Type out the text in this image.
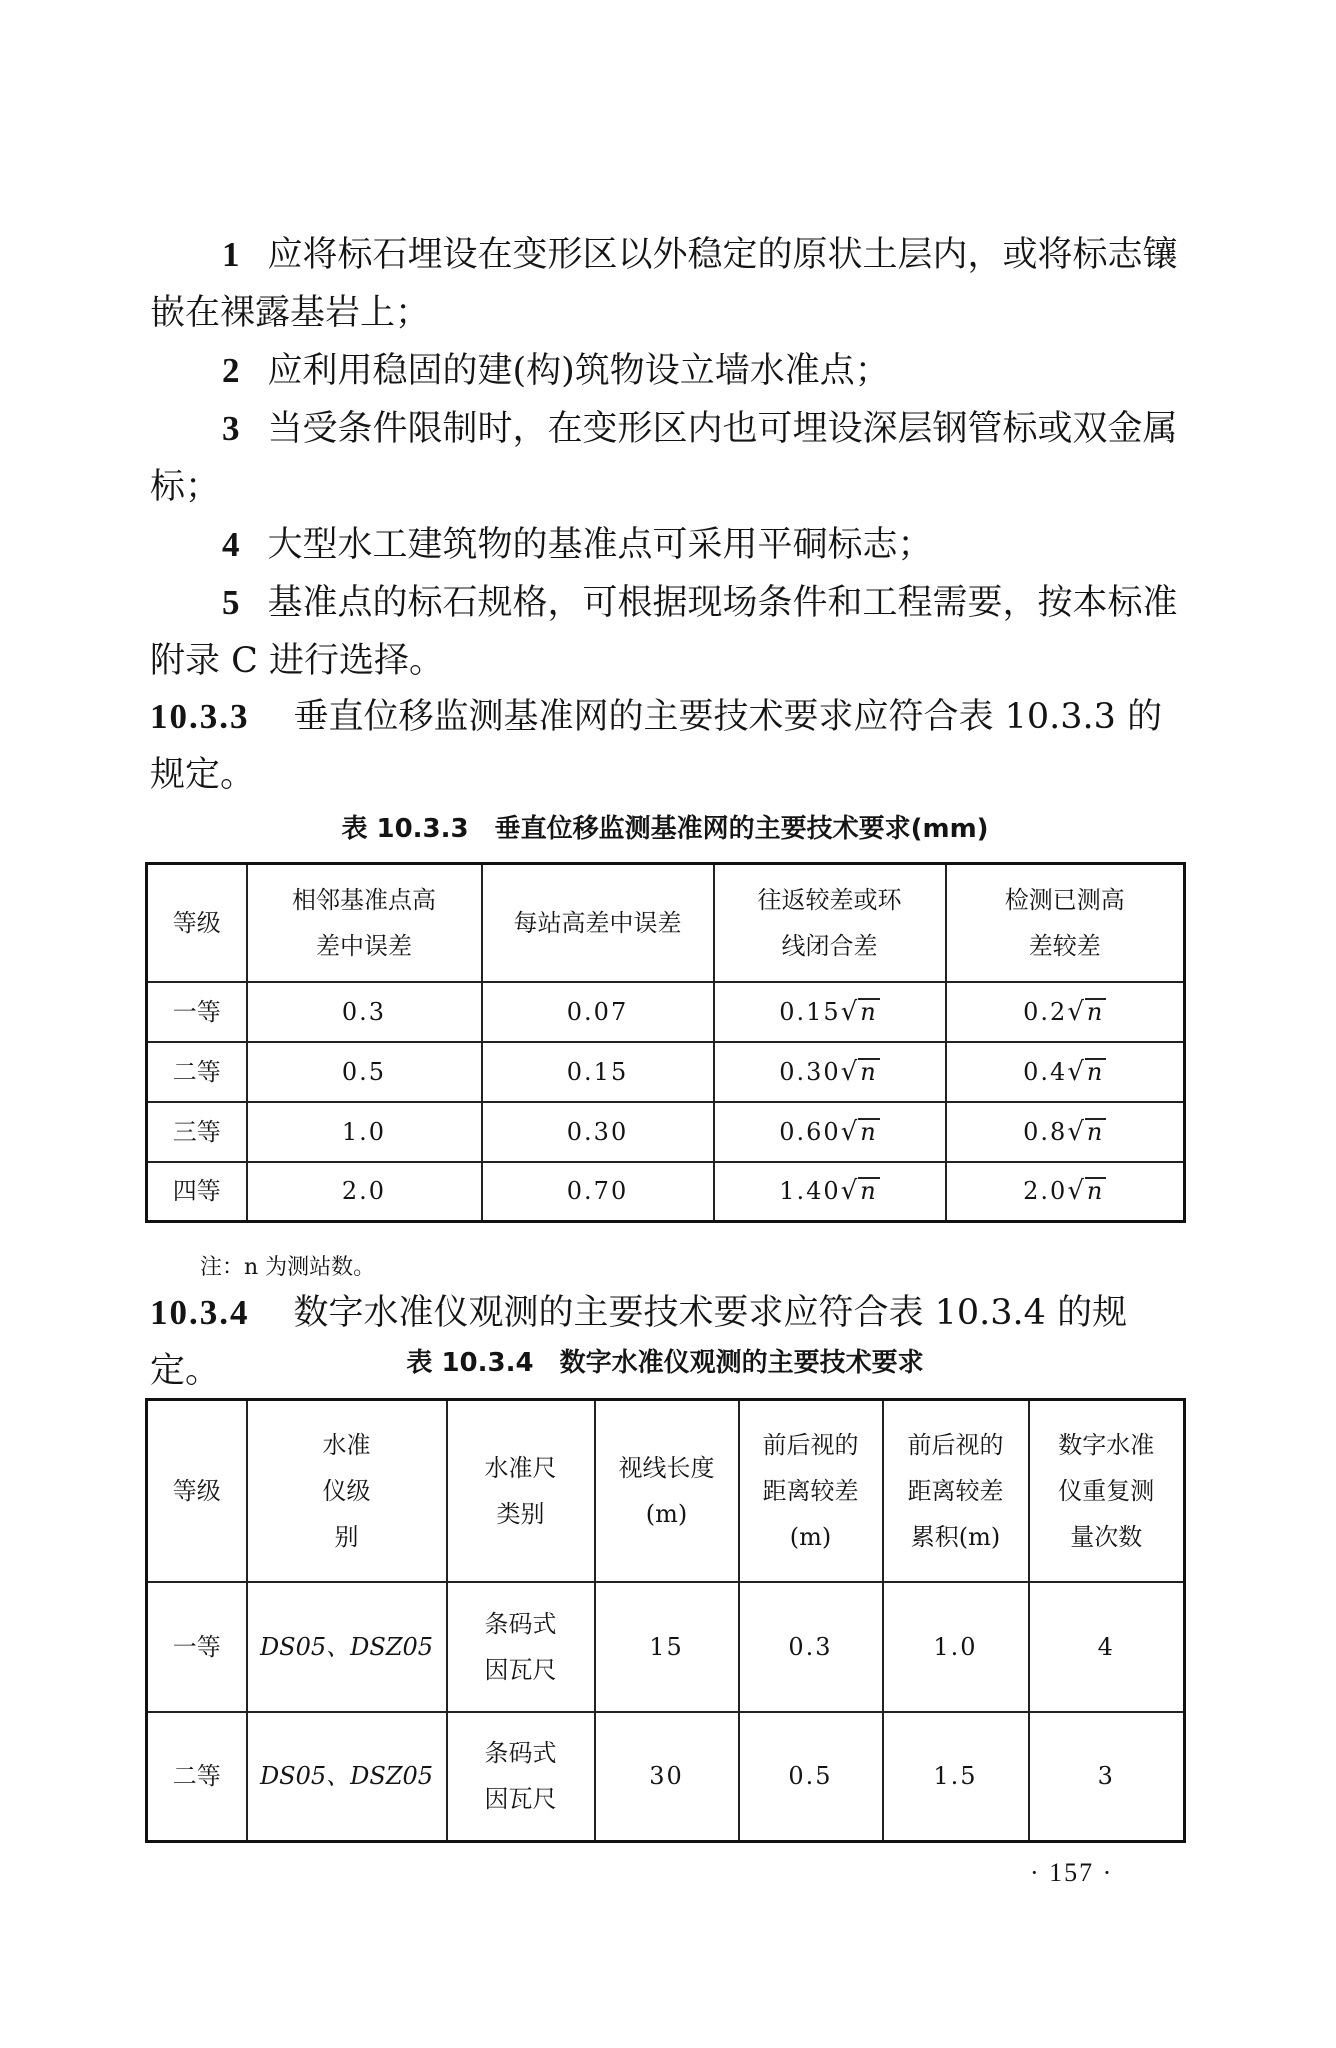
1 应将标石埋设在变形区以外稳定的原状土层内，或将标志镶嵌在裸露基岩上；

2 应利用稳固的建(构)筑物设立墙水准点；

3 当受条件限制时，在变形区内也可埋设深层钢管标或双金属标；

4 大型水工建筑物的基准点可采用平硐标志；

5 基准点的标石规格，可根据现场条件和工程需要，按本标准附录 C 进行选择。

10.3.3 垂直位移监测基准网的主要技术要求应符合表 10.3.3 的规定。

表 10.3.3　垂直位移监测基准网的主要技术要求(mm)

等级	相邻基准点高差中误差	每站高差中误差	往返较差或环线闭合差	检测已测高差较差
一等	0.3	0.07	0.15√n	0.2√n
二等	0.5	0.15	0.30√n	0.4√n
三等	1.0	0.30	0.60√n	0.8√n
四等	2.0	0.70	1.40√n	2.0√n

注：n 为测站数。

10.3.4 数字水准仪观测的主要技术要求应符合表 10.3.4 的规定。	表 10.3.4　数字水准仪观测的主要技术要求

等级	水准仪级别	水准尺类别	视线长度(m)	前后视的距离较差(m)	前后视的距离较差累积(m)	数字水准仪重复测量次数
一等	DS05、DSZ05	条码式因瓦尺	15	0.3	1.0	4
二等	DS05、DSZ05	条码式因瓦尺	30	0.5	1.5	3

· 157 ·
